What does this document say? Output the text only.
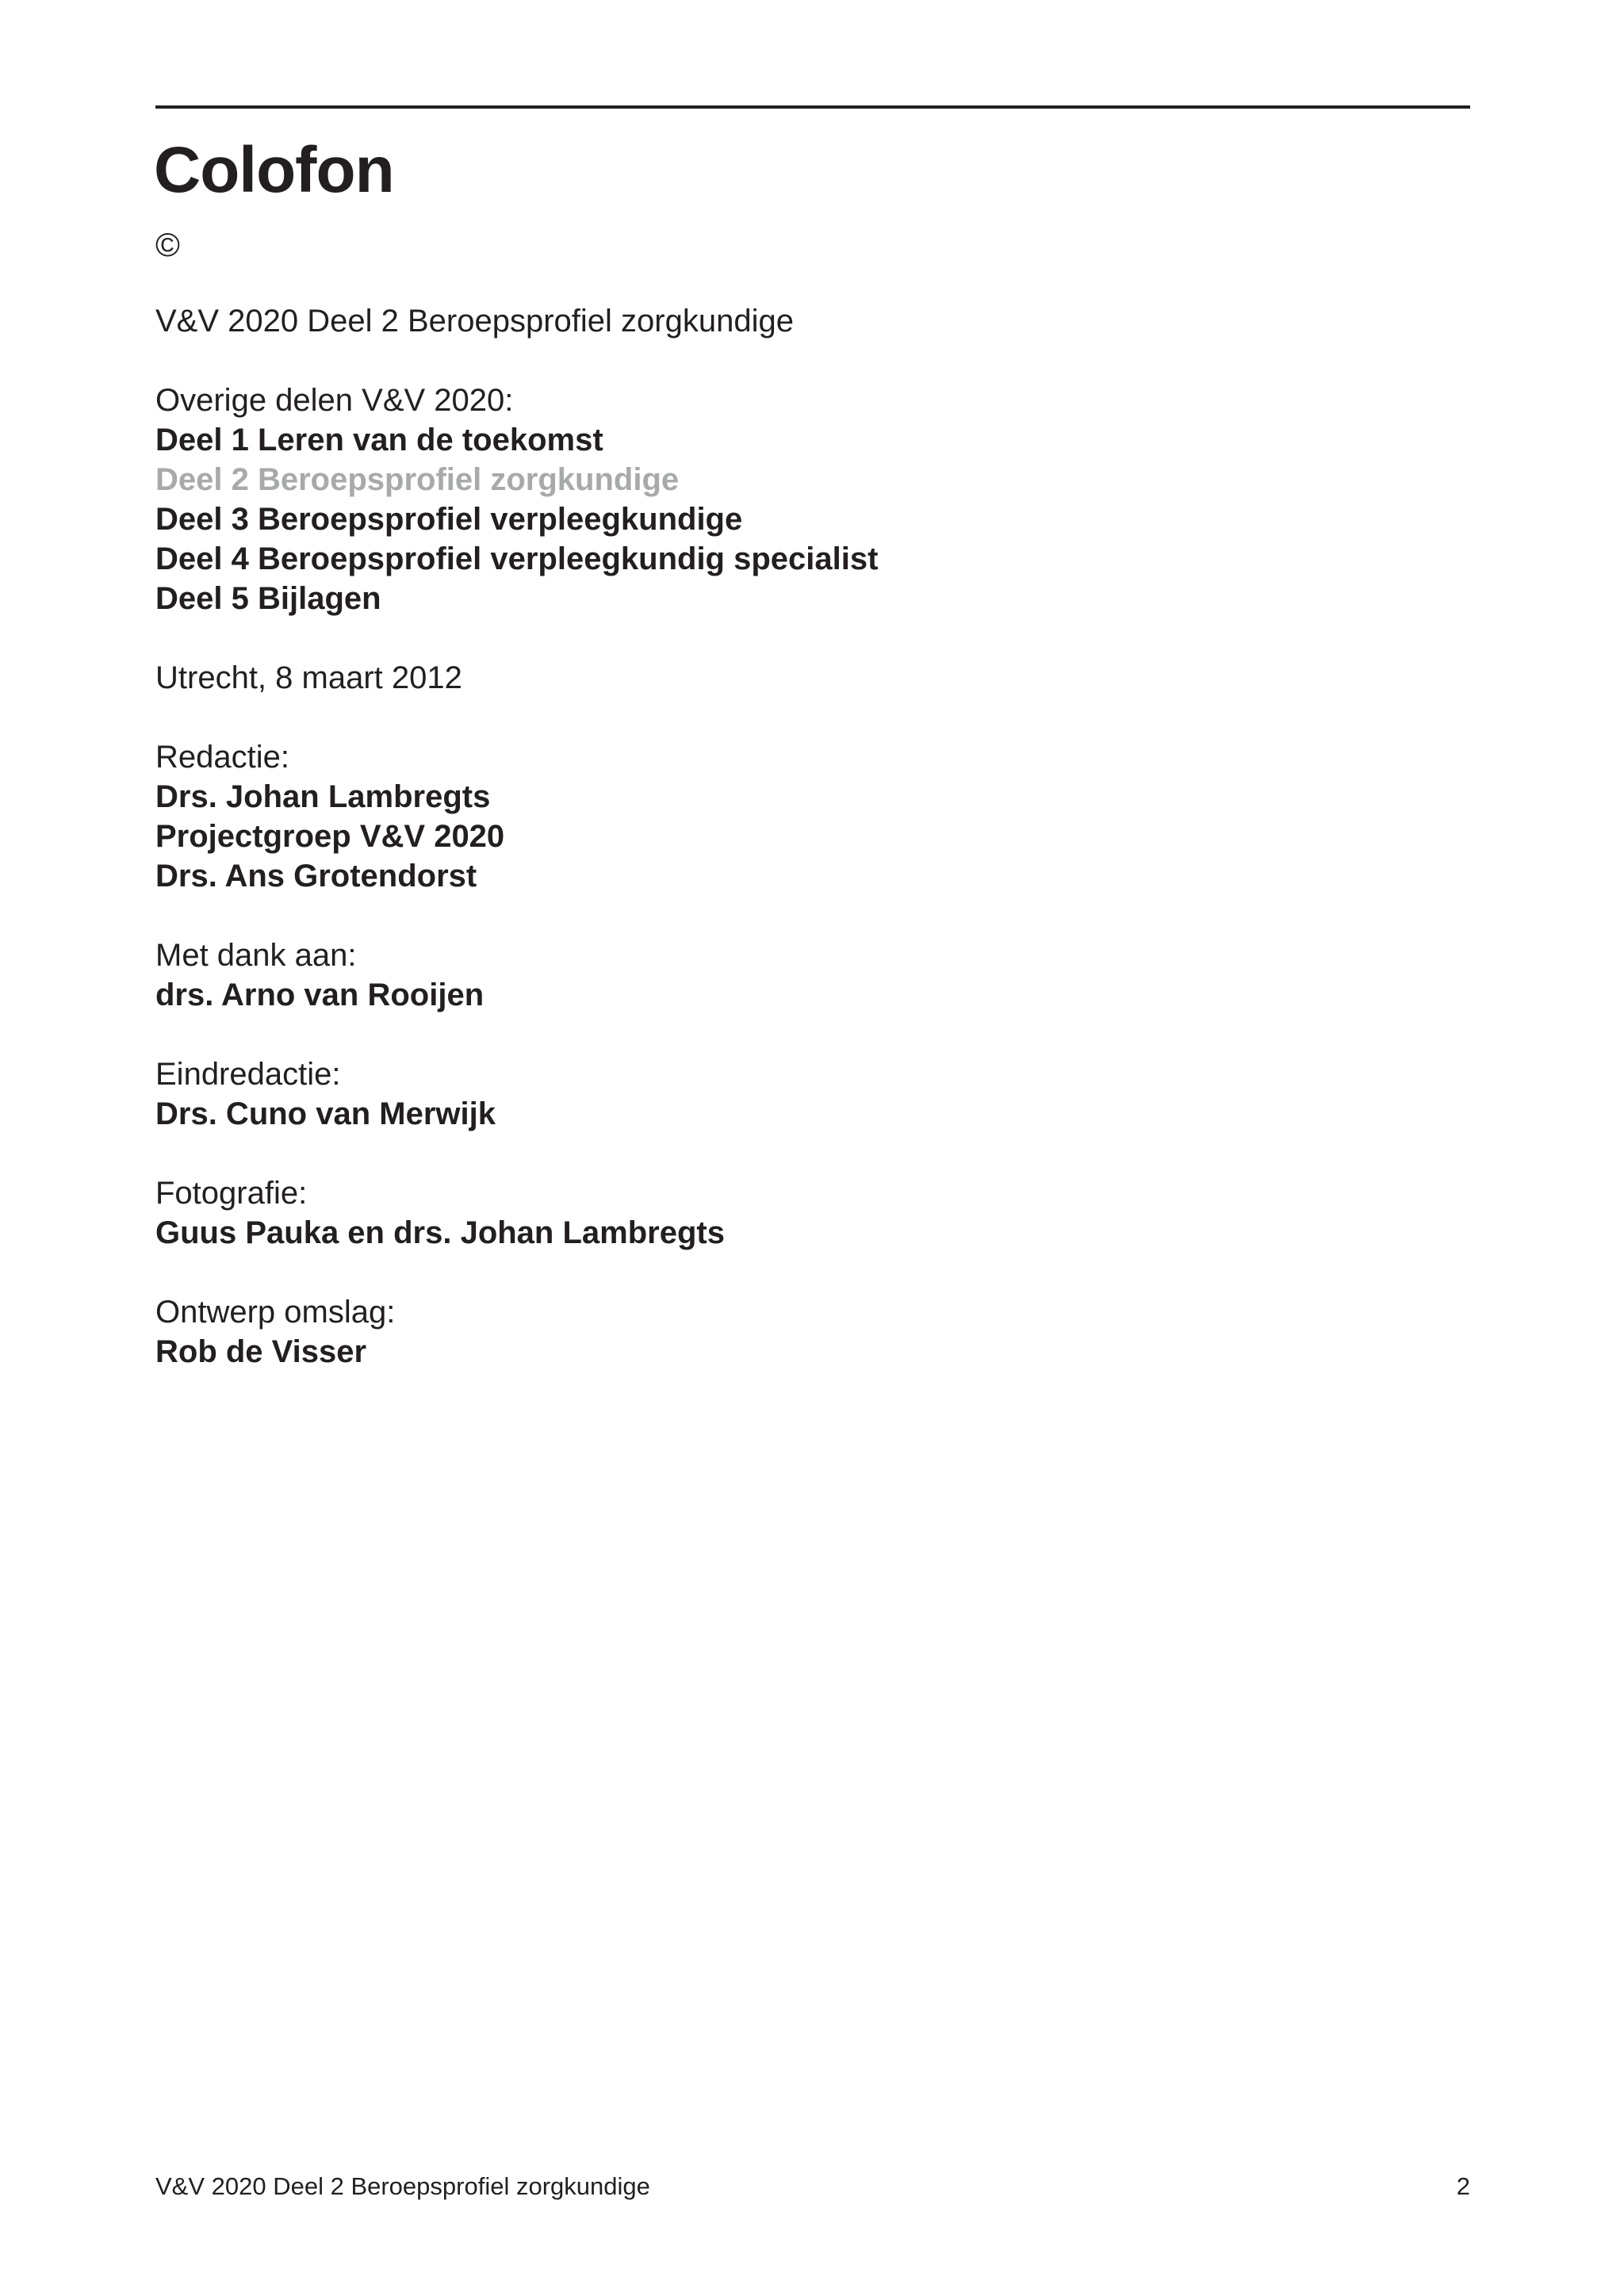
Colofon
©
V&V 2020 Deel 2 Beroepsprofiel zorgkundige
Overige delen V&V 2020:
Deel 1 Leren van de toekomst
Deel 2 Beroepsprofiel zorgkundige
Deel 3 Beroepsprofiel verpleegkundige
Deel 4 Beroepsprofiel verpleegkundig specialist
Deel 5 Bijlagen
Utrecht, 8 maart 2012
Redactie:
Drs. Johan Lambregts
Projectgroep V&V 2020
Drs. Ans Grotendorst
Met dank aan:
drs. Arno van Rooijen
Eindredactie:
Drs. Cuno van Merwijk
Fotografie:
Guus Pauka en drs. Johan Lambregts
Ontwerp omslag:
Rob de Visser
V&V 2020 Deel 2 Beroepsprofiel zorgkundige	2
